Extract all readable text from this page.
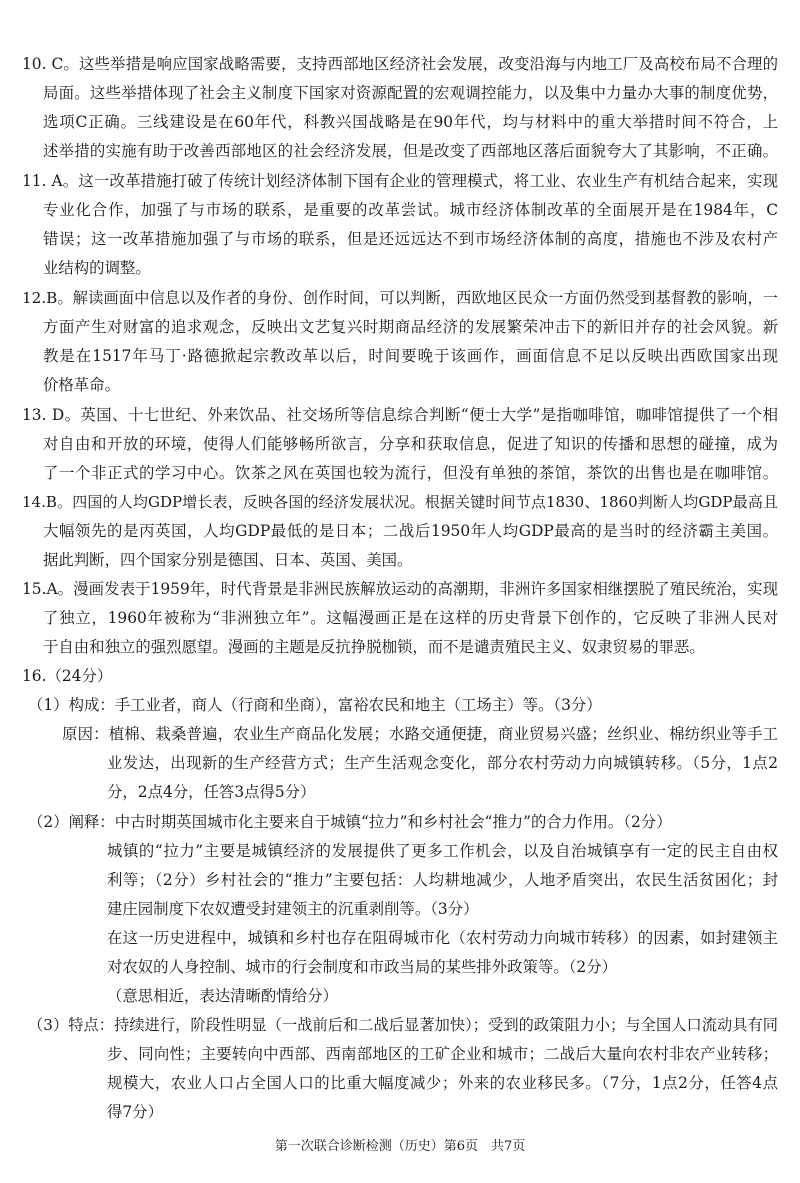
10. C。这些举措是响应国家战略需要，支持西部地区经济社会发展，改变沿海与内地工厂及高校布局不合理的
局面。这些举措体现了社会主义制度下国家对资源配置的宏观调控能力，以及集中力量办大事的制度优势，
选项C正确。三线建设是在60年代，科教兴国战略是在90年代，均与材料中的重大举措时间不符合，上
述举措的实施有助于改善西部地区的社会经济发展，但是改变了西部地区落后面貌夸大了其影响，不正确。
11. A。这一改革措施打破了传统计划经济体制下国有企业的管理模式，将工业、农业生产有机结合起来，实现
专业化合作，加强了与市场的联系，是重要的改革尝试。城市经济体制改革的全面展开是在1984年，C
错误；这一改革措施加强了与市场的联系，但是还远远达不到市场经济体制的高度，措施也不涉及农村产
业结构的调整。
12.B。解读画面中信息以及作者的身份、创作时间，可以判断，西欧地区民众一方面仍然受到基督教的影响，一
方面产生对财富的追求观念，反映出文艺复兴时期商品经济的发展繁荣冲击下的新旧并存的社会风貌。新
教是在1517年马丁·路德掀起宗教改革以后，时间要晚于该画作，画面信息不足以反映出西欧国家出现
价格革命。
13. D。英国、十七世纪、外来饮品、社交场所等信息综合判断“便士大学”是指咖啡馆，咖啡馆提供了一个相
对自由和开放的环境，使得人们能够畅所欲言，分享和获取信息，促进了知识的传播和思想的碰撞，成为
了一个非正式的学习中心。饮茶之风在英国也较为流行，但没有单独的茶馆，茶饮的出售也是在咖啡馆。
14.B。四国的人均GDP增长表，反映各国的经济发展状况。根据关键时间节点1830、1860判断人均GDP最高且
大幅领先的是丙英国，人均GDP最低的是日本；二战后1950年人均GDP最高的是当时的经济霸主美国。
据此判断，四个国家分别是德国、日本、英国、美国。
15.A。漫画发表于1959年，时代背景是非洲民族解放运动的高潮期，非洲许多国家相继摆脱了殖民统治，实现
了独立，1960年被称为“非洲独立年”。这幅漫画正是在这样的历史背景下创作的，它反映了非洲人民对
于自由和独立的强烈愿望。漫画的主题是反抗挣脱枷锁，而不是谴责殖民主义、奴隶贸易的罪恶。
16.（24分）
（1）构成：手工业者，商人（行商和坐商），富裕农民和地主（工场主）等。（3分）
原因：植棉、栽桑普遍，农业生产商品化发展；水路交通便捷，商业贸易兴盛；丝织业、棉纺织业等手工
业发达，出现新的生产经营方式；生产生活观念变化，部分农村劳动力向城镇转移。（5分，1点2
分，2点4分，任答3点得5分）
（2）阐释：中古时期英国城市化主要来自于城镇“拉力”和乡村社会“推力”的合力作用。（2分）
城镇的“拉力”主要是城镇经济的发展提供了更多工作机会，以及自治城镇享有一定的民主自由权
利等；（2分）乡村社会的“推力”主要包括：人均耕地减少，人地矛盾突出，农民生活贫困化；封
建庄园制度下农奴遭受封建领主的沉重剥削等。（3分）
在这一历史进程中，城镇和乡村也存在阻碍城市化（农村劳动力向城市转移）的因素，如封建领主
对农奴的人身控制、城市的行会制度和市政当局的某些排外政策等。（2分）
（意思相近，表达清晰酌情给分）
（3）特点：持续进行，阶段性明显（一战前后和二战后显著加快）；受到的政策阻力小；与全国人口流动具有同
步、同向性；主要转向中西部、西南部地区的工矿企业和城市；二战后大量向农村非农产业转移；
规模大，农业人口占全国人口的比重大幅度减少；外来的农业移民多。（7分，1点2分，任答4点
得7分）
第一次联合诊断检测（历史）第6页　共7页
